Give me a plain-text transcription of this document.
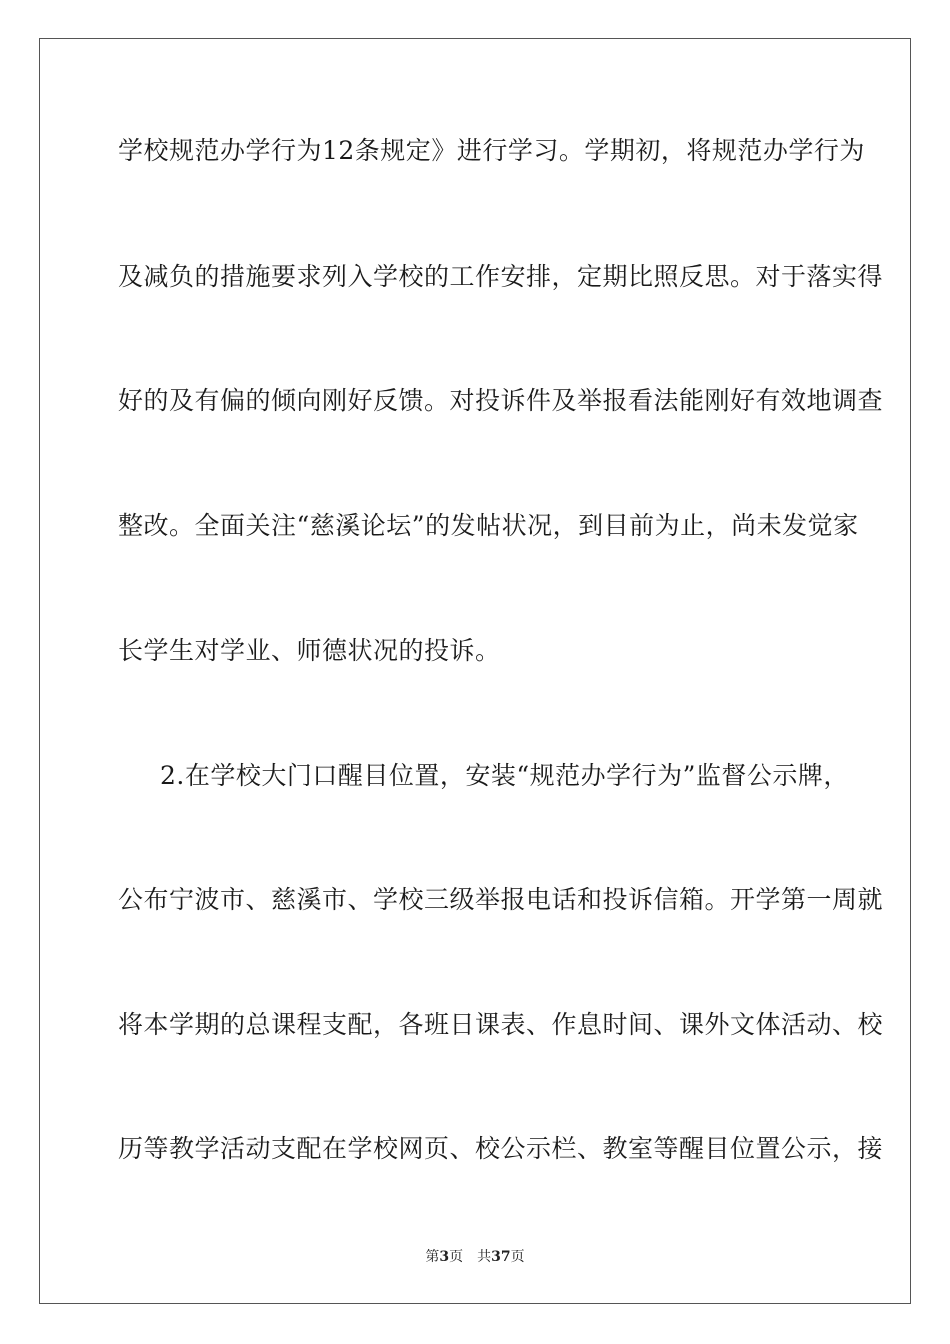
学校规范办学行为12条规定》进行学习。学期初，将规范办学行为
及减负的措施要求列入学校的工作安排，定期比照反思。对于落实得
好的及有偏的倾向刚好反馈。对投诉件及举报看法能刚好有效地调查
整改。全面关注“慈溪论坛”的发帖状况，到目前为止，尚未发觉家
长学生对学业、师德状况的投诉。
2.在学校大门口醒目位置，安装“规范办学行为”监督公示牌，
公布宁波市、慈溪市、学校三级举报电话和投诉信箱。开学第一周就
将本学期的总课程支配，各班日课表、作息时间、课外文体活动、校
历等教学活动支配在学校网页、校公示栏、教室等醒目位置公示，接
第3页 共37页
